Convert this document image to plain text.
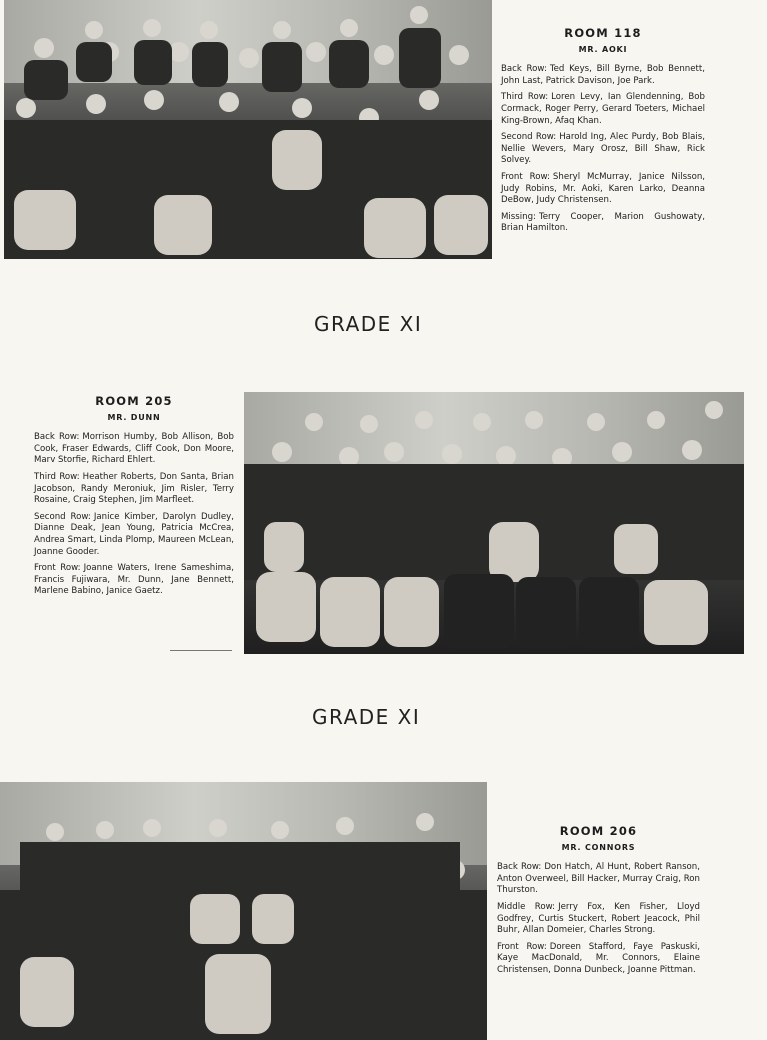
ROOM 118
MR. AOKI
Back Row: Ted Keys, Bill Byrne, Bob Bennett, John Last, Patrick Davison, Joe Park.
Third Row: Loren Levy, Ian Glendenning, Bob Cormack, Roger Perry, Gerard Toeters, Michael King-Brown, Afaq Khan.
Second Row: Harold Ing, Alec Purdy, Bob Blais, Nellie Wevers, Mary Orosz, Bill Shaw, Rick Solvey.
Front Row: Sheryl McMurray, Janice Nilsson, Judy Robins, Mr. Aoki, Karen Larko, Deanna DeBow, Judy Christensen.
Missing: Terry Cooper, Marion Gushowaty, Brian Hamilton.
GRADE XI
ROOM 205
MR. DUNN
Back Row: Morrison Humby, Bob Allison, Bob Cook, Fraser Edwards, Cliff Cook, Don Moore, Marv Storfie, Richard Ehlert.
Third Row: Heather Roberts, Don Santa, Brian Jacobson, Randy Meroniuk, Jim Risler, Terry Rosaine, Craig Stephen, Jim Marfleet.
Second Row: Janice Kimber, Darolyn Dudley, Dianne Deak, Jean Young, Patricia McCrea, Andrea Smart, Linda Plomp, Maureen McLean, Joanne Gooder.
Front Row: Joanne Waters, Irene Sameshima, Francis Fujiwara, Mr. Dunn, Jane Bennett, Marlene Babino, Janice Gaetz.
GRADE XI
ROOM 206
MR. CONNORS
Back Row: Don Hatch, Al Hunt, Robert Ranson, Anton Overweel, Bill Hacker, Murray Craig, Ron Thurston.
Middle Row: Jerry Fox, Ken Fisher, Lloyd Godfrey, Curtis Stuckert, Robert Jeacock, Phil Buhr, Allan Domeier, Charles Strong.
Front Row: Doreen Stafford, Faye Paskuski, Kaye MacDonald, Mr. Connors, Elaine Christensen, Donna Dunbeck, Joanne Pittman.
